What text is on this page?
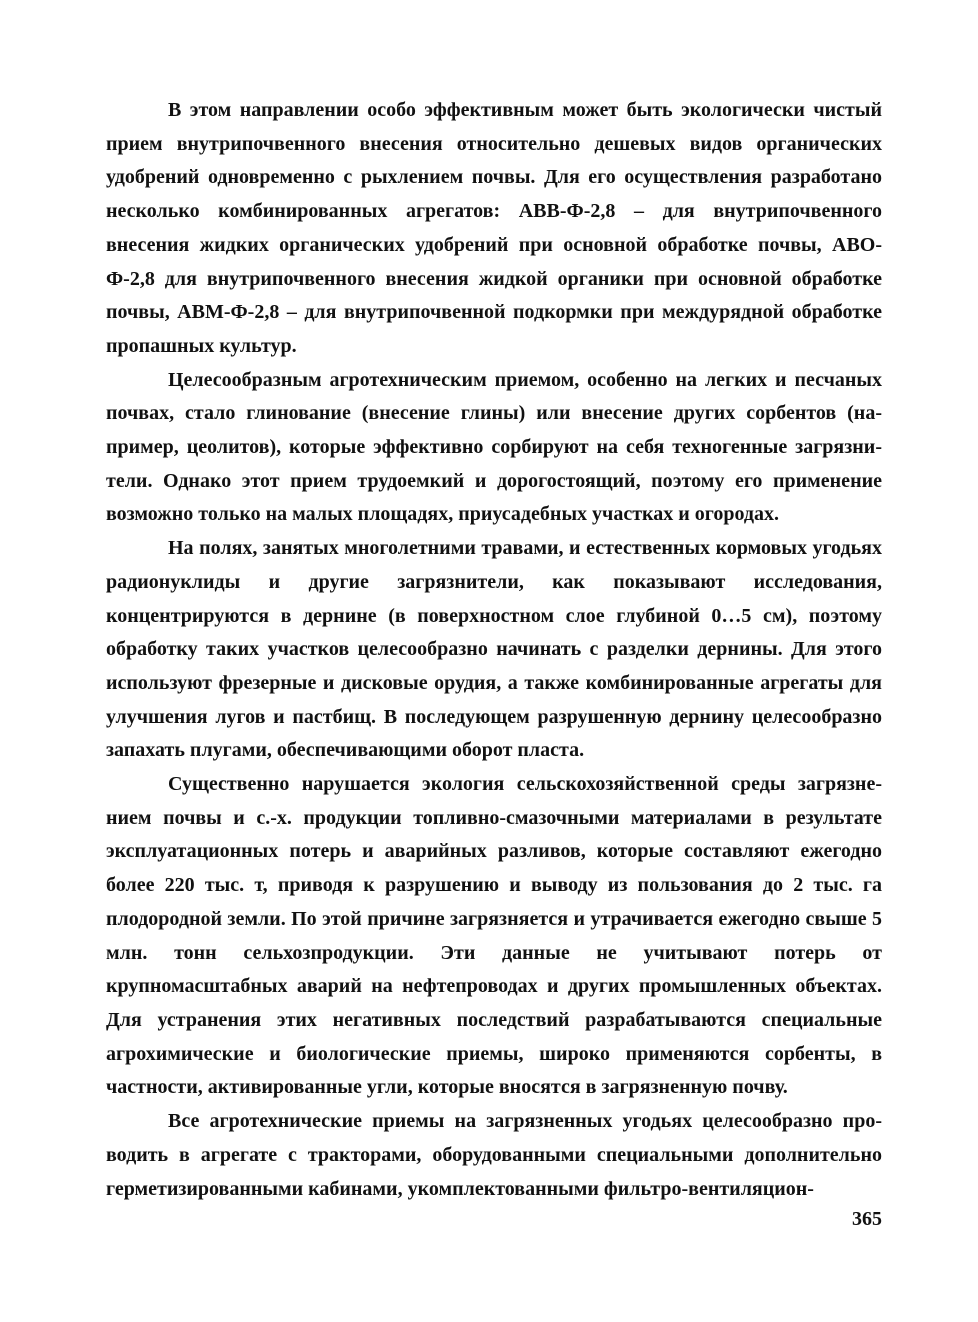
В этом направлении особо эффективным может быть экологически чистый прием внутрипочвенного внесения относительно дешевых видов органических удобрений одновременно с рыхлением почвы. Для его осуществления разработано несколько комбинированных агрегатов: АВВ-Ф-2,8 – для внутрипочвенного внесения жидких органических удобрений при основной обработке почвы, АВО-Ф-2,8 для внутрипочвенного внесения жидкой органики при основной обработке почвы, АВМ-Ф-2,8 – для внутрипочвенной подкормки при междурядной обработке пропашных культур.

Целесообразным агротехническим приемом, особенно на легких и песчаных почвах, стало глинование (внесение глины) или внесение других сорбентов (например, цеолитов), которые эффективно сорбируют на себя техногенные загрязнители. Однако этот прием трудоемкий и дорогостоящий, поэтому его применение возможно только на малых площадях, приусадебных участках и огородах.

На полях, занятых многолетними травами, и естественных кормовых угодьях радионуклиды и другие загрязнители, как показывают исследования, концентрируются в дернине (в поверхностном слое глубиной 0…5 см), поэтому обработку таких участков целесообразно начинать с разделки дернины. Для этого используют фрезерные и дисковые орудия, а также комбинированные агрегаты для улучшения лугов и пастбищ. В последующем разрушенную дернину целесообразно запахать плугами, обеспечивающими оборот пласта.

Существенно нарушается экология сельскохозяйственной среды загрязнением почвы и с.-х. продукции топливно-смазочными материалами в результате эксплуатационных потерь и аварийных разливов, которые составляют ежегодно более 220 тыс. т, приводя к разрушению и выводу из пользования до 2 тыс. га плодородной земли. По этой причине загрязняется и утрачивается ежегодно свыше 5 млн. тонн сельхозпродукции. Эти данные не учитывают потерь от крупномасштабных аварий на нефтепроводах и других промышленных объектах. Для устранения этих негативных последствий разрабатываются специальные агрохимические и биологические приемы, широко применяются сорбенты, в частности, активированные угли, которые вносятся в загрязненную почву.

Все агротехнические приемы на загрязненных угодьях целесообразно проводить в агрегате с тракторами, оборудованными специальными дополнительно герметизированными кабинами, укомплектованными фильтро-вентиляцион-

365
